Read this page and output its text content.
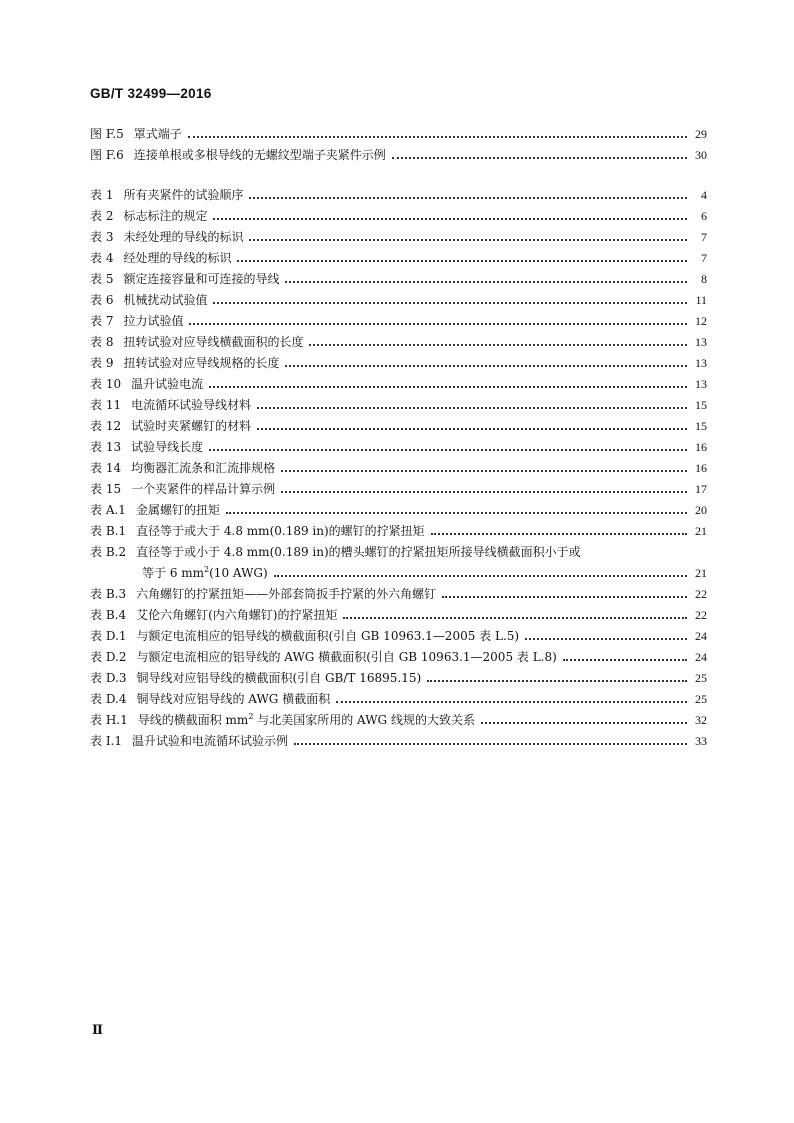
GB/T 32499—2016
图 F.5 罩式端子	29
图 F.6 连接单根或多根导线的无螺纹型端子夹紧件示例	30
表 1 所有夹紧件的试验顺序	4
表 2 标志标注的规定	6
表 3 未经处理的导线的标识	7
表 4 经处理的导线的标识	7
表 5 额定连接容量和可连接的导线	8
表 6 机械扰动试验值	11
表 7 拉力试验值	12
表 8 扭转试验对应导线横截面积的长度	13
表 9 扭转试验对应导线规格的长度	13
表 10 温升试验电流	13
表 11 电流循环试验导线材料	15
表 12 试验时夹紧螺钉的材料	15
表 13 试验导线长度	16
表 14 均衡器汇流条和汇流排规格	16
表 15 一个夹紧件的样品计算示例	17
表 A.1 金属螺钉的扭矩	20
表 B.1 直径等于或大于 4.8 mm(0.189 in)的螺钉的拧紧扭矩	21
表 B.2 直径等于或小于 4.8 mm(0.189 in)的槽头螺钉的拧紧扭矩所接导线横截面积小于或
等于 6 $mm^2(10$ AWG)	21
表 B.3 六角螺钉的拧紧扭矩——外部套筒扳手拧紧的外六角螺钉	22
表 B.4 艾伦六角螺钉(内六角螺钉)的拧紧扭矩	22
表 D.1 与额定电流相应的铝导线的横截面积(引自 GB 10963.1—2005 表 L.5)	24
表 D.2 与额定电流相应的铝导线的 AWG 横截面积(引自 GB 10963.1—2005 表 L.8)	24
表 D.3 铜导线对应铝导线的横截面积(引自 GB/T 16895.15)	25
表 D.4 铜导线对应铝导线的 AWG 横截面积	25
表 H.1 导线的横截面积 $mm^2$ 与北美国家所用的 AWG 线规的大致关系	32
表 I.1 温升试验和电流循环试验示例	33
Ⅱ
